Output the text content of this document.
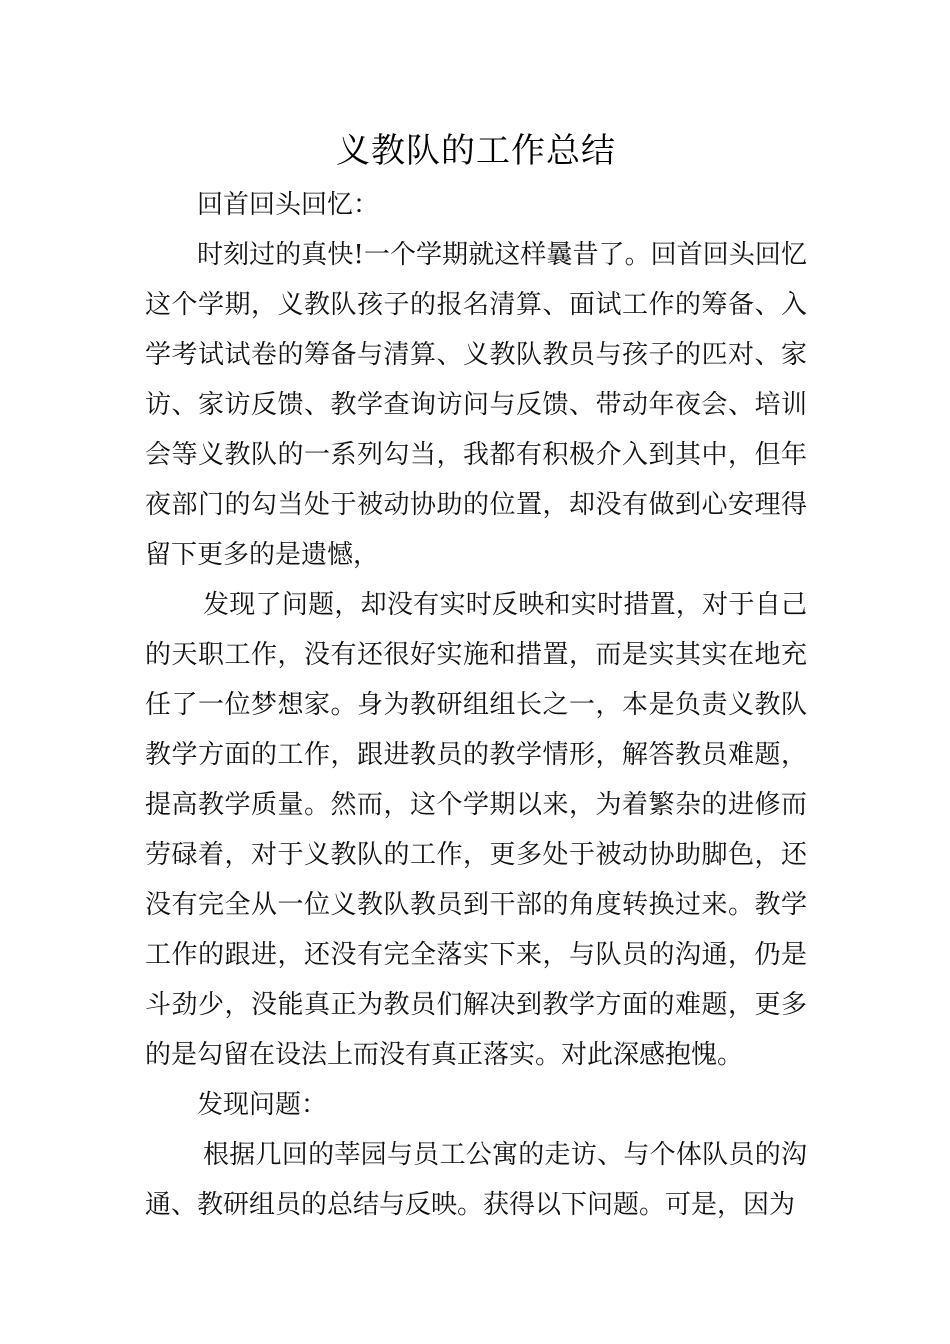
义教队的工作总结

回首回头回忆：

时刻过的真快!一个学期就这样曩昔了。回首回头回忆这个学期，义教队孩子的报名清算、面试工作的筹备、入学考试试卷的筹备与清算、义教队教员与孩子的匹对、家访、家访反馈、教学查询访问与反馈、带动年夜会、培训会等义教队的一系列勾当，我都有积极介入到其中，但年夜部门的勾当处于被动协助的位置，却没有做到心安理得留下更多的是遗憾，

发现了问题，却没有实时反映和实时措置，对于自己的天职工作，没有还很好实施和措置，而是实其实在地充任了一位梦想家。身为教研组组长之一，本是负责义教队教学方面的工作，跟进教员的教学情形，解答教员难题，提高教学质量。然而，这个学期以来，为着繁杂的进修而劳碌着，对于义教队的工作，更多处于被动协助脚色，还没有完全从一位义教队教员到干部的角度转换过来。教学工作的跟进，还没有完全落实下来，与队员的沟通，仍是斗劲少，没能真正为教员们解决到教学方面的难题，更多的是勾留在设法上而没有真正落实。对此深感抱愧。

发现问题：

根据几回的莘园与员工公寓的走访、与个体队员的沟通、教研组员的总结与反映。获得以下问题。可是，因为
